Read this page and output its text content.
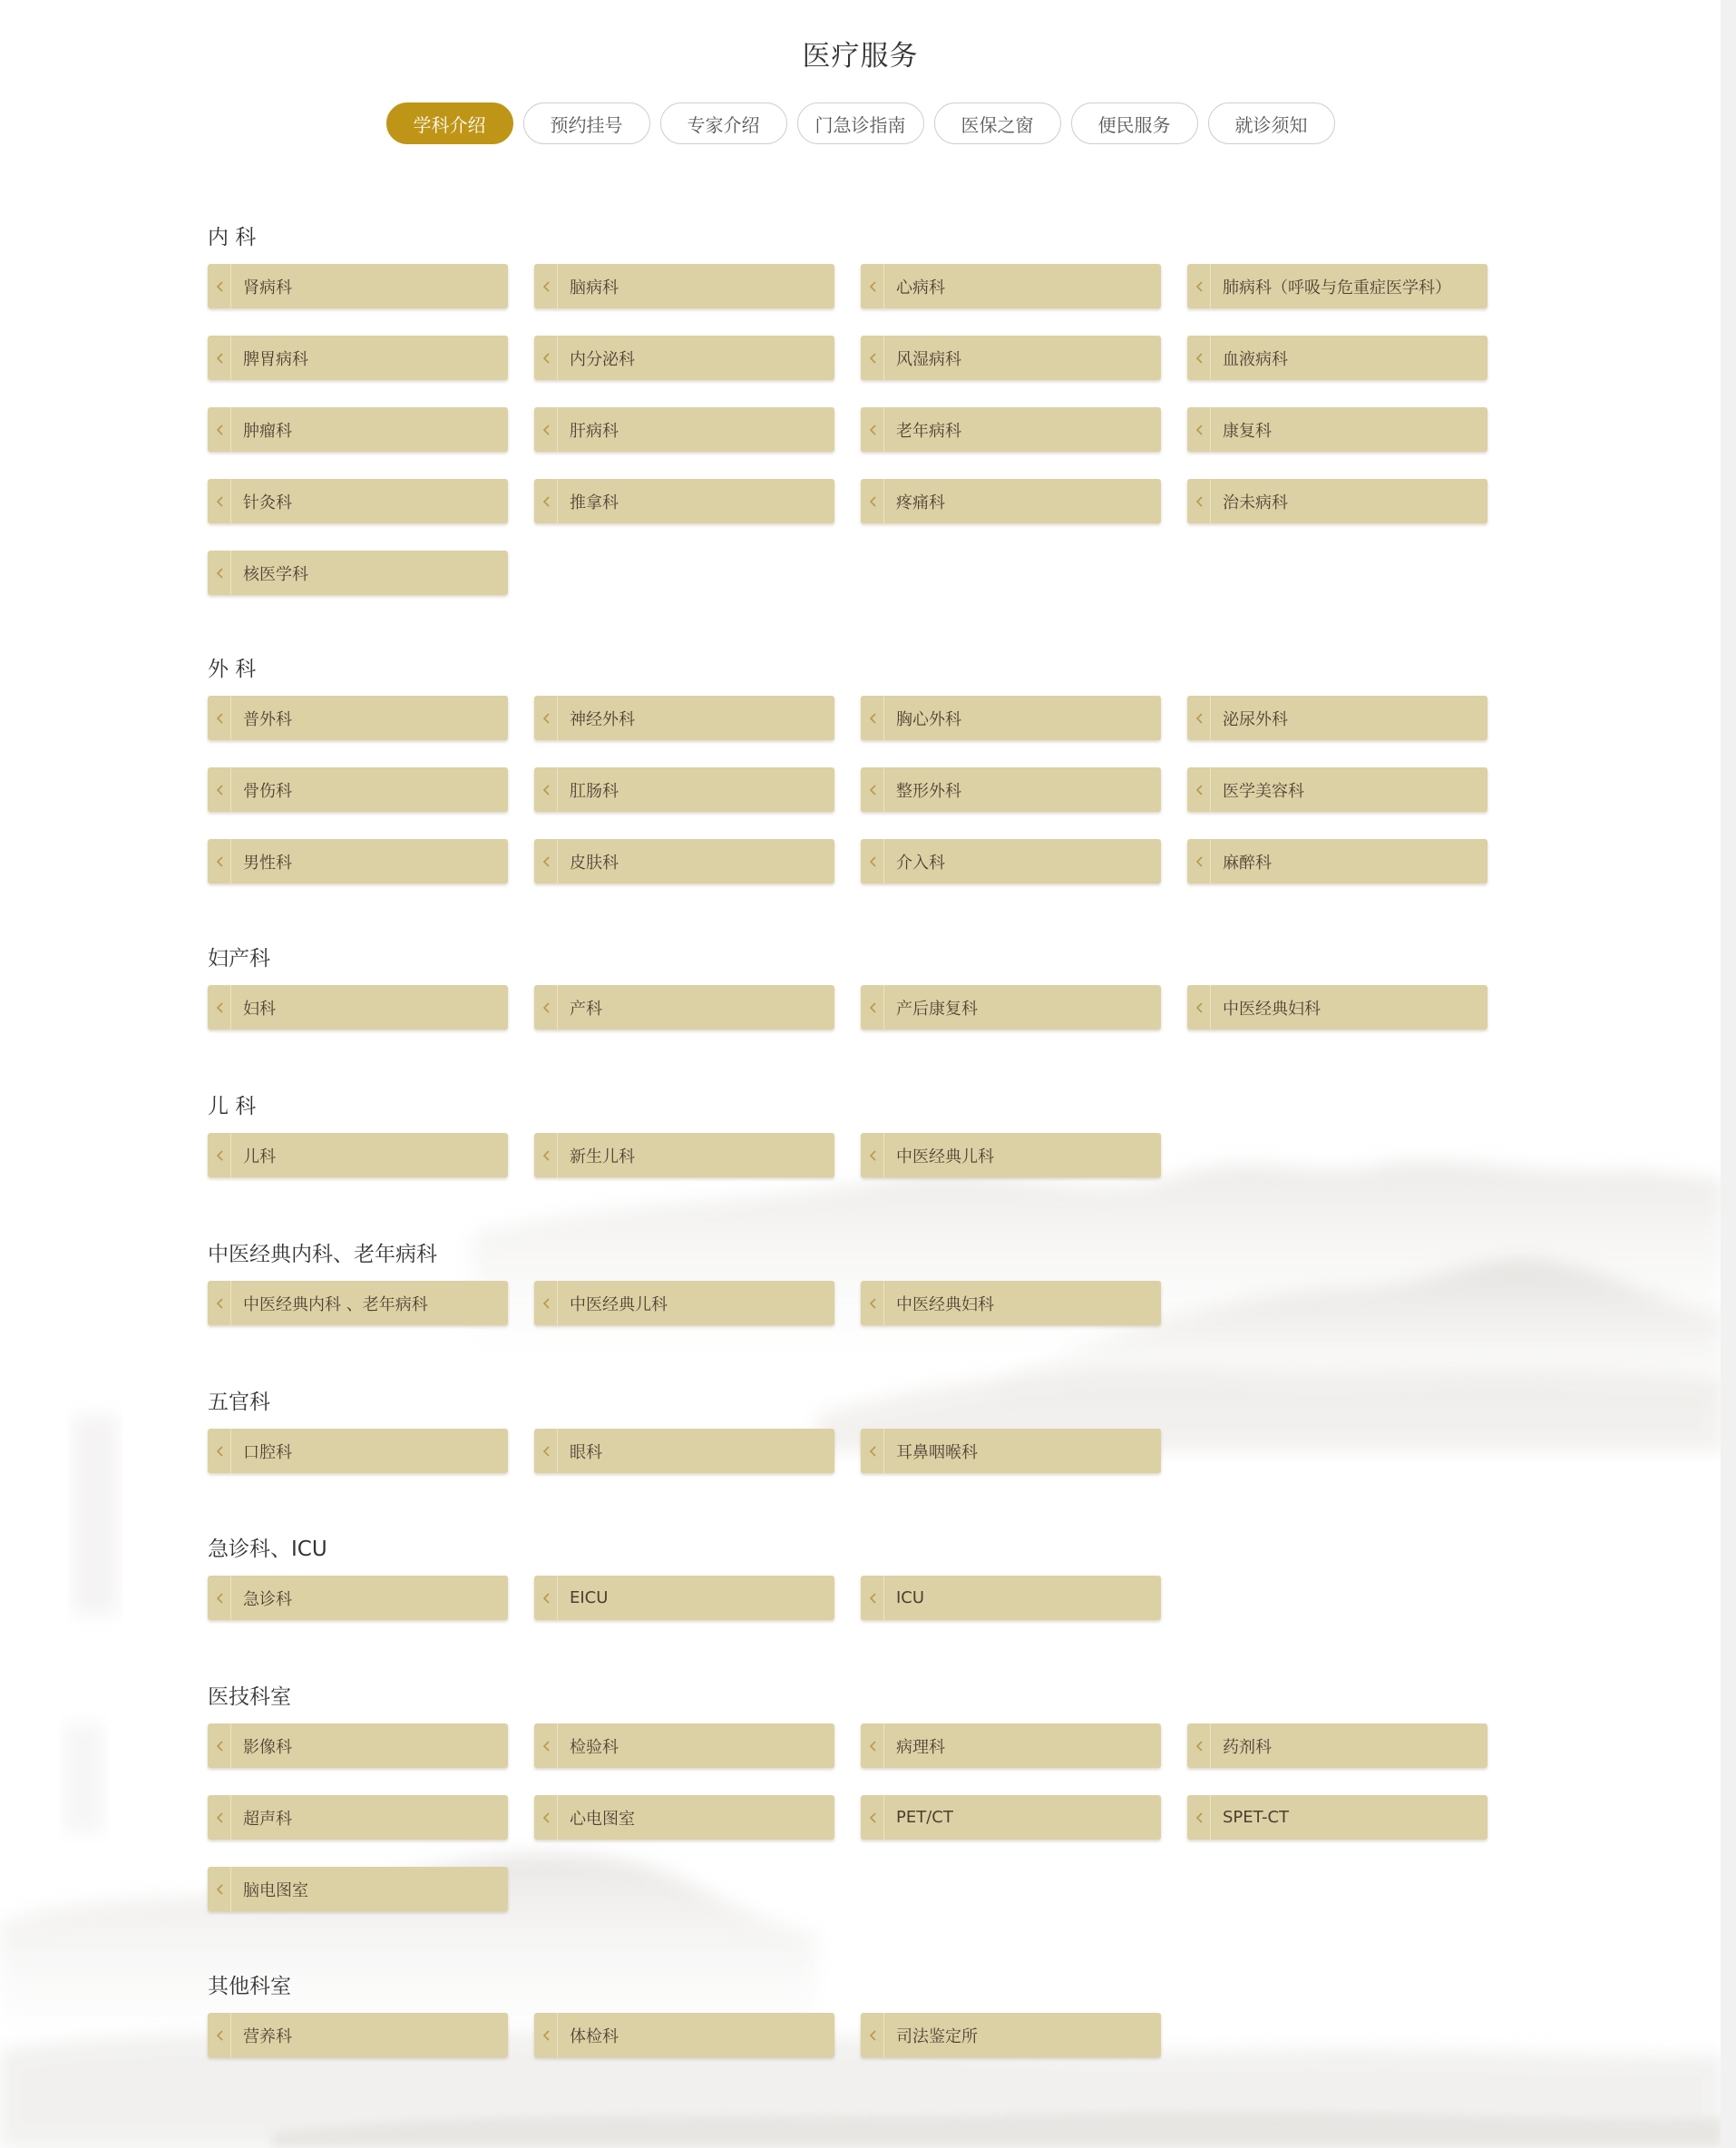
医疗服务
学科介绍	预约挂号	专家介绍	门急诊指南	医保之窗	便民服务	就诊须知
内 科
肾病科	脑病科	心病科	肺病科（呼吸与危重症医学科）
脾胃病科	内分泌科	风湿病科	血液病科
肿瘤科	肝病科	老年病科	康复科
针灸科	推拿科	疼痛科	治未病科
核医学科
外 科
普外科	神经外科	胸心外科	泌尿外科
骨伤科	肛肠科	整形外科	医学美容科
男性科	皮肤科	介入科	麻醉科
妇产科
妇科	产科	产后康复科	中医经典妇科
儿 科
儿科	新生儿科	中医经典儿科
中医经典内科、老年病科
中医经典内科 、老年病科	中医经典儿科	中医经典妇科
五官科
口腔科	眼科	耳鼻咽喉科
急诊科、ICU
急诊科	EICU	ICU
医技科室
影像科	检验科	病理科	药剂科
超声科	心电图室	PET/CT	SPET-CT
脑电图室
其他科室
营养科	体检科	司法鉴定所
